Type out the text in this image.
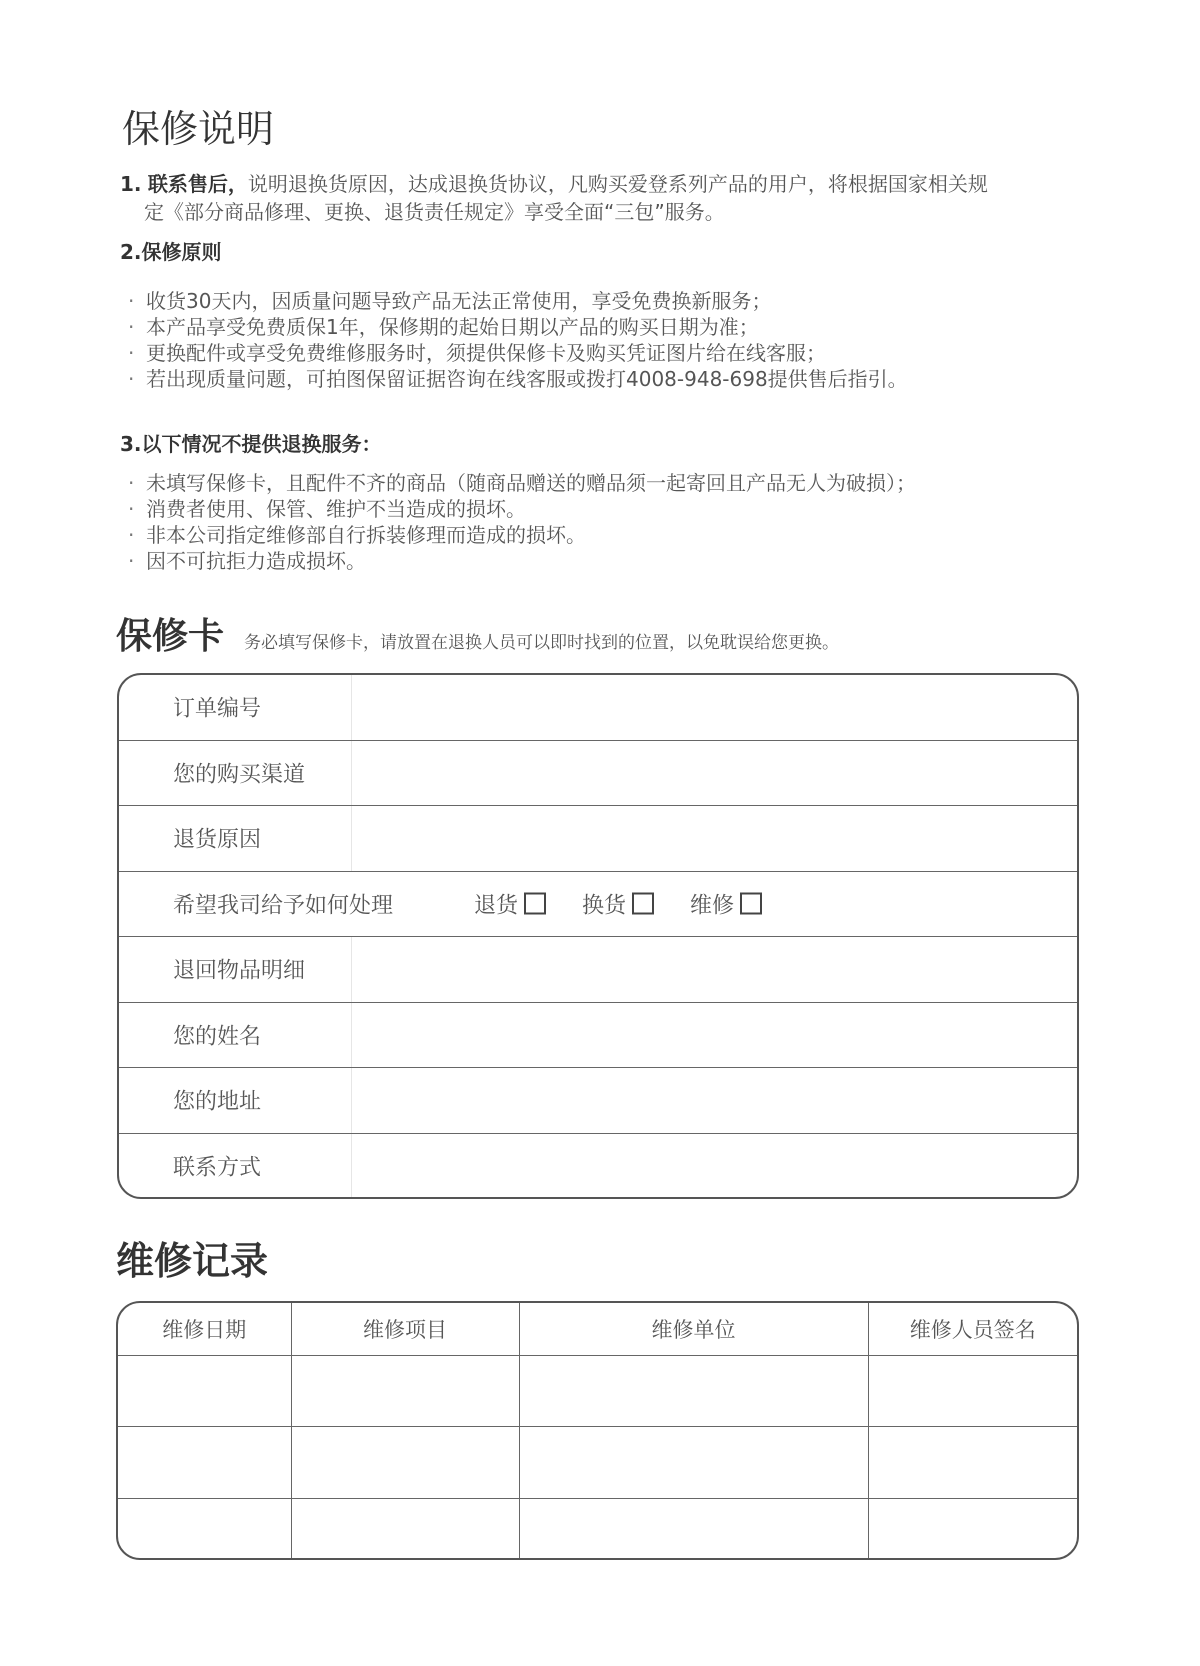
保修说明

1. 联系售后，说明退换货原因，达成退换货协议，凡购买爱登系列产品的用户，将根据国家相关规
定《部分商品修理、更换、退货责任规定》享受全面“三包”服务。

2.保修原则
· 收货30天内，因质量问题导致产品无法正常使用，享受免费换新服务；
· 本产品享受免费质保1年，保修期的起始日期以产品的购买日期为准；
· 更换配件或享受免费维修服务时，须提供保修卡及购买凭证图片给在线客服；
· 若出现质量问题，可拍图保留证据咨询在线客服或拨打4008-948-698提供售后指引。
3.以下情况不提供退换服务：
· 未填写保修卡，且配件不齐的商品（随商品赠送的赠品须一起寄回且产品无人为破损）；
· 消费者使用、保管、维护不当造成的损坏。
· 非本公司指定维修部自行拆装修理而造成的损坏。
· 因不可抗拒力造成损坏。
保修卡 务必填写保修卡，请放置在退换人员可以即时找到的位置，以免耽误给您更换。
订单编号
您的购买渠道
退货原因
希望我司给予如何处理	退货	换货	维修
退回物品明细
您的姓名
您的地址
联系方式
维修记录
维修日期	维修项目	维修单位	维修人员签名
